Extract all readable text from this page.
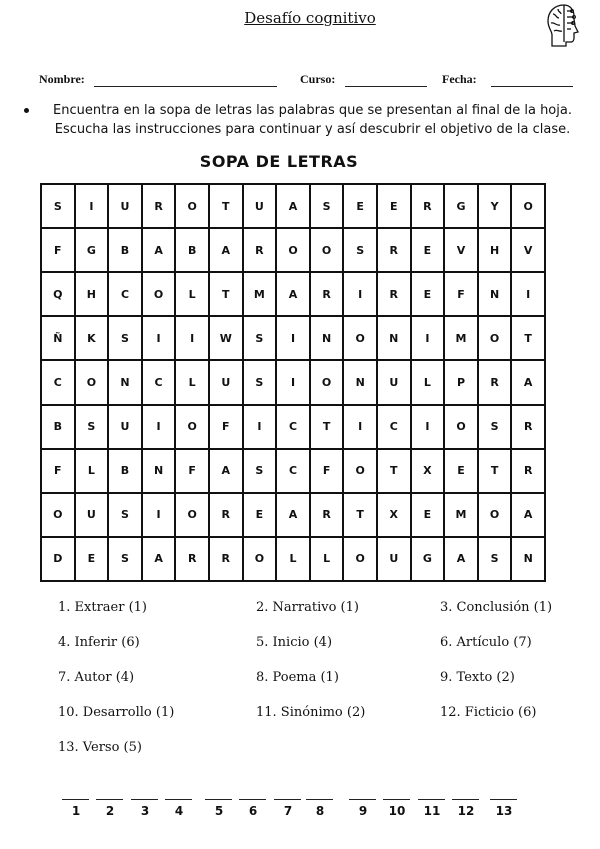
Desafío cognitivo
Nombre:	Curso:	Fecha:

Encuentra en la sopa de letras las palabras que se presentan al final de la hoja.

Escucha las instrucciones para continuar y así descubrir el objetivo de la clase.

SOPA DE LETRAS
S	I	U	R	O	T	U	A	S	E	E	R	G	Y	O
F	G	B	A	B	A	R	O	O	S	R	E	V	H	V
Q	H	C	O	L	T	M	A	R	I	R	E	F	N	I
Ñ	K	S	I	I	W	S	I	N	O	N	I	M	O	T
C	O	N	C	L	U	S	I	O	N	U	L	P	R	A
B	S	U	I	O	F	I	C	T	I	C	I	O	S	R
F	L	B	N	F	A	S	C	F	O	T	X	E	T	R
O	U	S	I	O	R	E	A	R	T	X	E	M	O	A
D	E	S	A	R	R	O	L	L	O	U	G	A	S	N
1. Extraer (1)	2. Narrativo (1)	3. Conclusión (1)
4. Inferir (6)	5. Inicio (4)	6. Artículo (7)
7. Autor (4)	8. Poema (1)	9. Texto (2)
10. Desarrollo (1)	11. Sinónimo (2)	12. Ficticio (6)
13. Verso (5)
1	2	3	4	5	6	7	8	9	10	11	12	13
